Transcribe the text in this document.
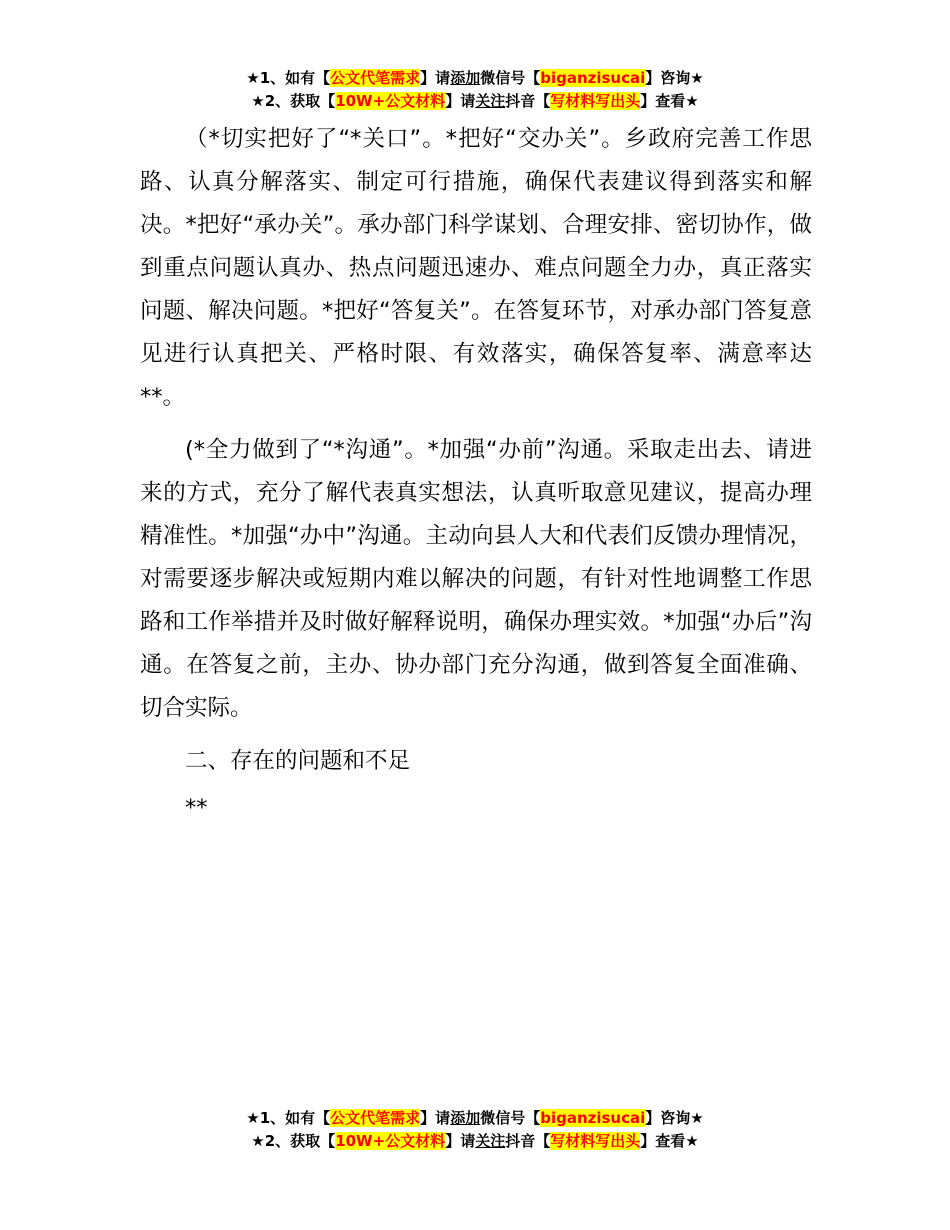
★1、如有【公文代笔需求】请添加微信号【biganzisucai】咨询★
★2、获取【10W+公文材料】请关注抖音【写材料写出头】查看★

（*切实把好了“*关口”。*把好“交办关”。乡政府完善工作思路、认真分解落实、制定可行措施，确保代表建议得到落实和解决。*把好“承办关”。承办部门科学谋划、合理安排、密切协作，做到重点问题认真办、热点问题迅速办、难点问题全力办，真正落实问题、解决问题。*把好“答复关”。在答复环节，对承办部门答复意见进行认真把关、严格时限、有效落实，确保答复率、满意率达**。

(*全力做到了“*沟通”。*加强“办前”沟通。采取走出去、请进来的方式，充分了解代表真实想法，认真听取意见建议，提高办理精准性。*加强“办中”沟通。主动向县人大和代表们反馈办理情况，对需要逐步解决或短期内难以解决的问题，有针对性地调整工作思路和工作举措并及时做好解释说明，确保办理实效。*加强“办后”沟通。在答复之前，主办、协办部门充分沟通，做到答复全面准确、切合实际。

二、存在的问题和不足

**

★1、如有【公文代笔需求】请添加微信号【biganzisucai】咨询★
★2、获取【10W+公文材料】请关注抖音【写材料写出头】查看★
